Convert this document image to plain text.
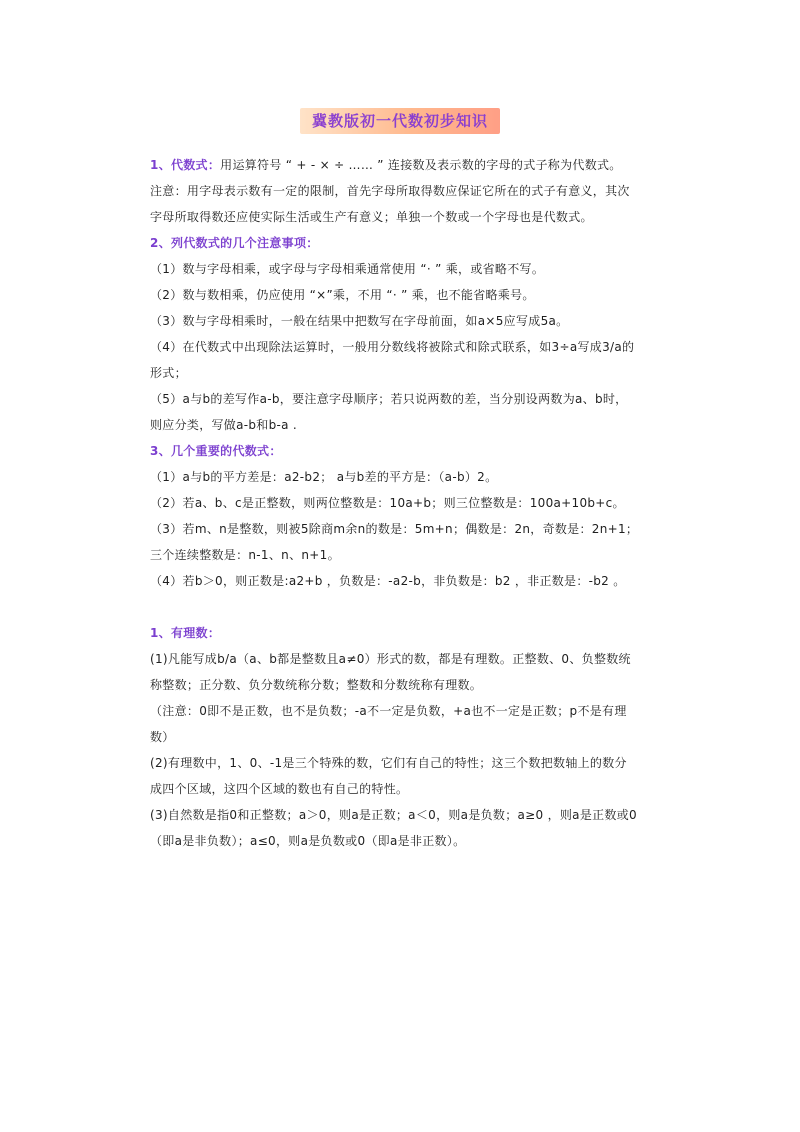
冀教版初一代数初步知识
1、代数式：用运算符号 “ + - × ÷ …… ” 连接数及表示数的字母的式子称为代数式。
注意：用字母表示数有一定的限制，首先字母所取得数应保证它所在的式子有意义，其次
字母所取得数还应使实际生活或生产有意义；单独一个数或一个字母也是代数式。
2、列代数式的几个注意事项：
（1）数与字母相乘，或字母与字母相乘通常使用 “· ” 乘，或省略不写。
（2）数与数相乘，仍应使用 “×”乘，不用 “· ” 乘，也不能省略乘号。
（3）数与字母相乘时，一般在结果中把数写在字母前面，如a×5应写成5a。
（4）在代数式中出现除法运算时，一般用分数线将被除式和除式联系，如3÷a写成3/a的
形式；
（5）a与b的差写作a-b，要注意字母顺序；若只说两数的差，当分别设两数为a、b时，
则应分类，写做a-b和b-a .
3、几个重要的代数式：
（1）a与b的平方差是：a2-b2； a与b差的平方是：（a-b）2。
（2）若a、b、c是正整数，则两位整数是：10a+b；则三位整数是：100a+10b+c。
（3）若m、n是整数，则被5除商m余n的数是：5m+n；偶数是：2n，奇数是：2n+1；
三个连续整数是：n-1、n、n+1。
（4）若b＞0，则正数是:a2+b ，负数是：-a2-b，非负数是：b2 ，非正数是：-b2 。
1、有理数：
(1)凡能写成b/a（a、b都是整数且a≠0）形式的数，都是有理数。正整数、0、负整数统
称整数；正分数、负分数统称分数；整数和分数统称有理数。
（注意：0即不是正数，也不是负数；-a不一定是负数，+a也不一定是正数；p不是有理
数）
(2)有理数中，1、0、-1是三个特殊的数，它们有自己的特性；这三个数把数轴上的数分
成四个区域，这四个区域的数也有自己的特性。
(3)自然数是指0和正整数；a＞0，则a是正数；a＜0，则a是负数；a≥0 ，则a是正数或0
（即a是非负数）；a≤0，则a是负数或0（即a是非正数）。
